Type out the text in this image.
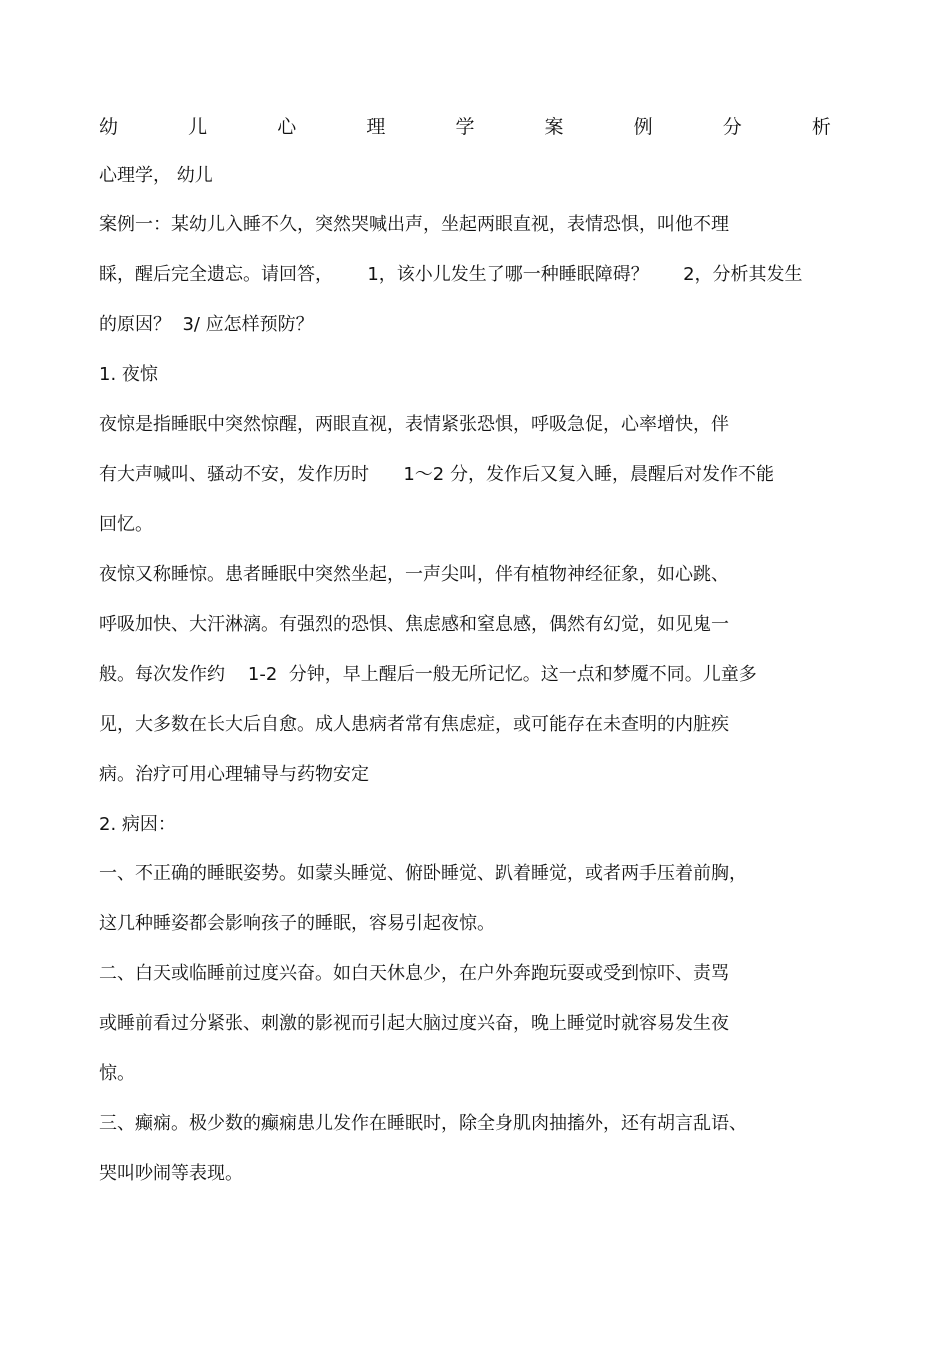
幼	儿	心	理	学	案	例	分	析
心理学， 幼儿
案例一：某幼儿入睡不久，突然哭喊出声，坐起两眼直视，表情恐惧，叫他不理
睬，醒后完全遗忘。请回答，      1，该小儿发生了哪一种睡眠障碍？      2，分析其发生
的原因？  3/ 应怎样预防？
1. 夜惊
夜惊是指睡眠中突然惊醒，两眼直视，表情紧张恐惧，呼吸急促，心率增快，伴
有大声喊叫、骚动不安，发作历时      1～2 分，发作后又复入睡，晨醒后对发作不能
回忆。
夜惊又称睡惊。患者睡眠中突然坐起，一声尖叫，伴有植物神经征象，如心跳、
呼吸加快、大汗淋漓。有强烈的恐惧、焦虑感和窒息感，偶然有幻觉，如见鬼一
般。每次发作约    1-2  分钟，早上醒后一般无所记忆。这一点和梦魇不同。儿童多
见，大多数在长大后自愈。成人患病者常有焦虑症，或可能存在未查明的内脏疾
病。治疗可用心理辅导与药物安定
2. 病因：
一、不正确的睡眠姿势。如蒙头睡觉、俯卧睡觉、趴着睡觉，或者两手压着前胸，
这几种睡姿都会影响孩子的睡眠，容易引起夜惊。
二、白天或临睡前过度兴奋。如白天休息少，在户外奔跑玩耍或受到惊吓、责骂
或睡前看过分紧张、刺激的影视而引起大脑过度兴奋，晚上睡觉时就容易发生夜
惊。
三、癫痫。极少数的癫痫患儿发作在睡眠时，除全身肌肉抽搐外，还有胡言乱语、
哭叫吵闹等表现。
